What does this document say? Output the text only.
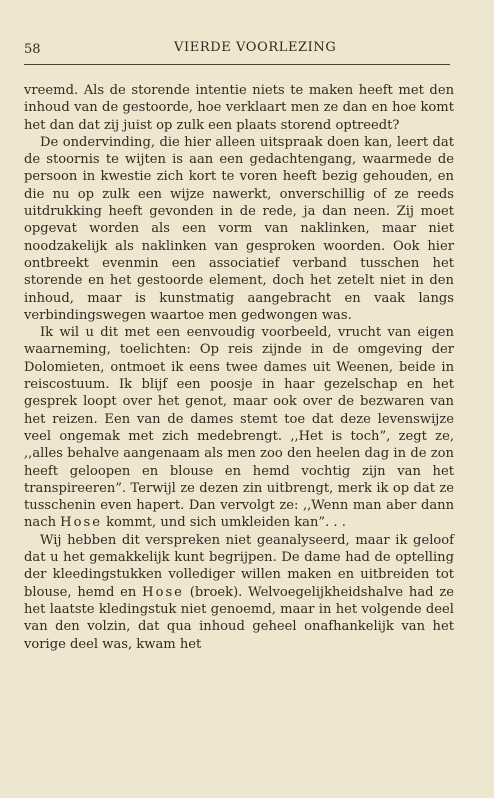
58	VIERDE VOORLEZING

vreemd. Als de storende intentie niets te maken heeft met den inhoud van de gestoorde, hoe verklaart men ze dan en hoe komt het dan dat zij juist op zulk een plaats storend optreedt?

De ondervinding, die hier alleen uitspraak doen kan, leert dat de stoornis te wijten is aan een gedachtengang, waarmede de persoon in kwestie zich kort te voren heeft bezig gehouden, en die nu op zulk een wijze nawerkt, onverschillig of ze reeds uitdrukking heeft gevonden in de rede, ja dan neen. Zij moet opgevat worden als een vorm van naklinken, maar niet noodzakelijk als naklinken van gesproken woorden. Ook hier ontbreekt evenmin een associatief verband tusschen het storende en het gestoorde element, doch het zetelt niet in den inhoud, maar is kunstmatig aangebracht en vaak langs verbindingswegen waartoe men gedwongen was.

Ik wil u dit met een eenvoudig voorbeeld, vrucht van eigen waarneming, toelichten: Op reis zijnde in de omgeving der Dolomieten, ontmoet ik eens twee dames uit Weenen, beide in reiscostuum. Ik blijf een poosje in haar gezelschap en het gesprek loopt over het genot, maar ook over de bezwaren van het reizen. Een van de dames stemt toe dat deze levenswijze veel ongemak met zich medebrengt. ,,Het is toch”, zegt ze, ,,alles behalve aangenaam als men zoo den heelen dag in de zon heeft geloopen en blouse en hemd vochtig zijn van het transpireeren”. Terwijl ze dezen zin uitbrengt, merk ik op dat ze tusschenin even hapert. Dan vervolgt ze: ,,Wenn man aber dann nach Hose kommt, und sich umkleiden kan”. . .

Wij hebben dit verspreken niet geanalyseerd, maar ik geloof dat u het gemakkelijk kunt begrijpen. De dame had de optelling der kleedingstukken vollediger willen maken en uitbreiden tot blouse, hemd en Hose (broek). Welvoegelijkheidshalve had ze het laatste kledingstuk niet genoemd, maar in het volgende deel van den volzin, dat qua inhoud geheel onafhankelijk van het vorige deel was, kwam het
